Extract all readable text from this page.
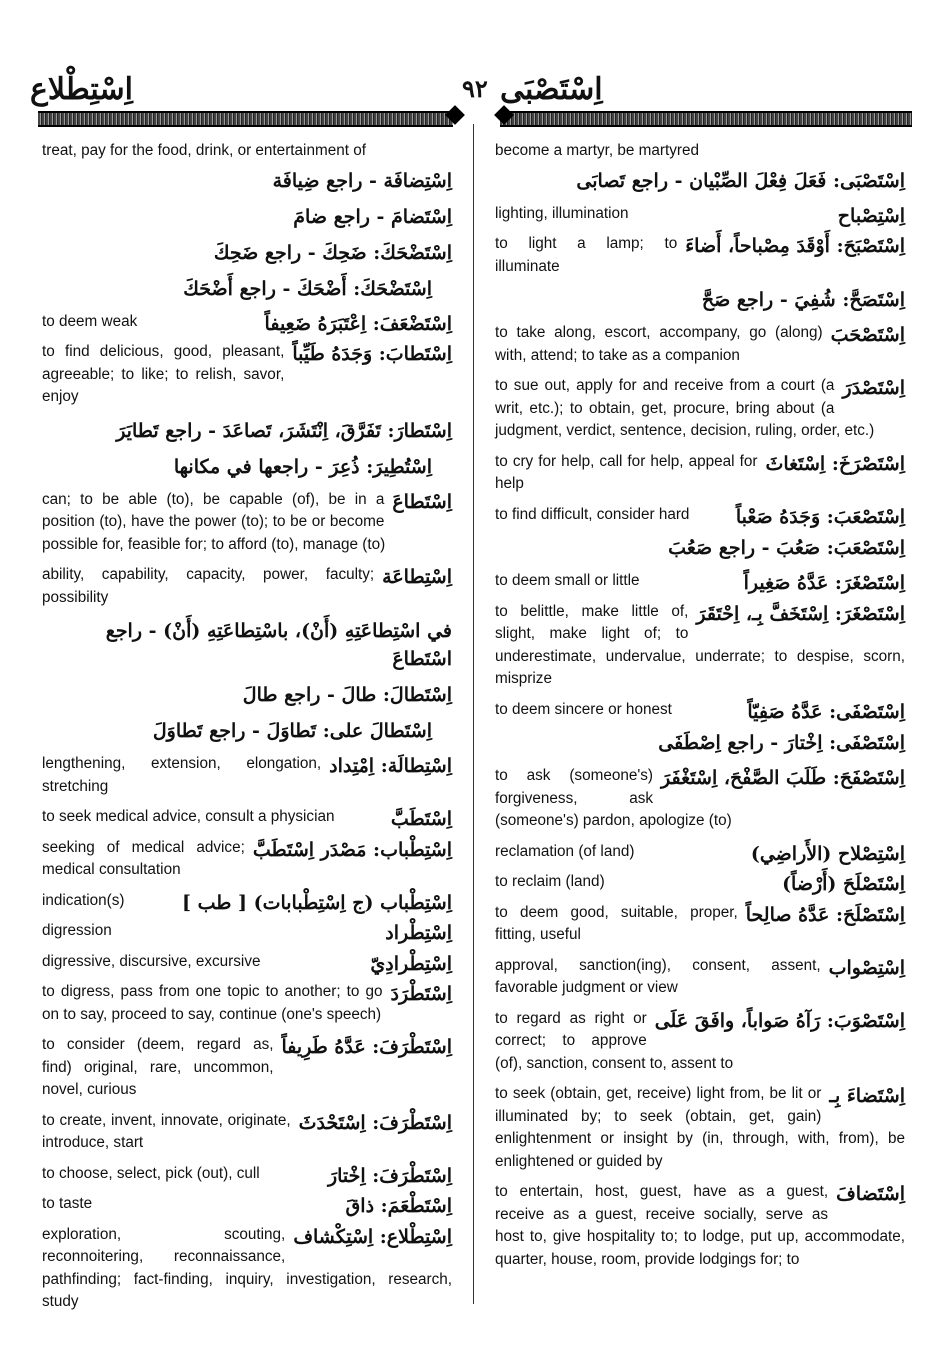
اِسْتَصْبَى
٩٢
اِسْتِطْلاع
treat, pay for the food, drink, or entertainment of
اِسْتِضافَة - راجع ضِيافَة
اِسْتَضامَ - راجع ضامَ
اِسْتَضْحَكَ: ضَحِكَ - راجع ضَحِكَ
اِسْتَضْحَكَ: أَضْحَكَ - راجع أَضْحَكَ
اِسْتَضْعَفَ: اِعْتَبَرَهُ ضَعِيفاً
to deem weak
اِسْتَطابَ: وَجَدَهُ طَيِّباً
to find delicious, good, pleasant, agreeable; to like; to relish, savor, enjoy
اِسْتَطارَ: تَفَرَّقَ، اِنْتَشَرَ، تَصاعَدَ - راجع تَطايَرَ
اِسْتُطِيرَ: ذُعِرَ - راجعها في مكانها
اِسْتَطاعَ
can; to be able (to), be capable (of), be in a position (to), have the power (to); to be or become possible for, feasible for; to afford (to), manage (to)
اِسْتِطاعَة
ability, capability, capacity, power, faculty; possibility
في اسْتِطاعَتِهِ (أَنْ)، باسْتِطاعَتِهِ (أَنْ) - راجع اسْتَطاعَ
اِسْتَطالَ: طالَ - راجع طالَ
اِسْتَطالَ على: تَطاوَلَ - راجع تَطاوَلَ
اِسْتِطالَة: اِمْتِداد
lengthening, extension, elongation, stretching
اِسْتَطَبَّ
to seek medical advice, consult a physician
اِسْتِطْباب: مَصْدَر اِسْتَطَبَّ
seeking of medical advice; medical consultation
اِسْتِطْباب (ج اِسْتِطْبابات) [ طب ]
indication(s)
اِسْتِطْراد
digression
اِسْتِطْرادِيّ
digressive, discursive, excursive
اِسْتَطْرَدَ
to digress, pass from one topic to another; to go on to say, proceed to say, continue (one's speech)
اِسْتَطْرَفَ: عَدَّهُ طَرِيفاً
to consider (deem, regard as, find) original, rare, uncommon, novel, curious
اِسْتَطْرَفَ: اِسْتَحْدَثَ
to create, invent, innovate, originate, introduce, start
اِسْتَطْرَفَ: اِخْتارَ
to choose, select, pick (out), cull
اِسْتَطْعَمَ: ذاقَ
to taste
اِسْتِطْلاع: اِسْتِكْشاف
exploration, scouting, reconnoitering, reconnaissance, pathfinding; fact-finding, inquiry, investigation, research, study
become a martyr, be martyred
اِسْتَصْبَى: فَعَلَ فِعْلَ الصِّبْيان - راجع تَصابَى
اِسْتِصْباح
lighting, illumination
اِسْتَصْبَحَ: أَوْقَدَ مِصْباحاً، أَضاءَ
to light a lamp; to illuminate
اِسْتَصَحَّ: شُفِيَ - راجع صَحَّ
اِسْتَصْحَبَ
to take along, escort, accompany, go (along) with, attend; to take as a companion
اِسْتَصْدَرَ
to sue out, apply for and receive from a court (a writ, etc.); to obtain, get, procure, bring about (a judgment, verdict, sentence, decision, ruling, order, etc.)
اِسْتَصْرَخَ: اِسْتَغاثَ
to cry for help, call for help, appeal for help
اِسْتَصْعَبَ: وَجَدَهُ صَعْباً
to find difficult, consider hard
اِسْتَصْعَبَ: صَعُبَ - راجع صَعُبَ
اِسْتَصْغَرَ: عَدَّهُ صَغِيراً
to deem small or little
اِسْتَصْغَرَ: اِسْتَخَفَّ بِـ، اِحْتَقَرَ
to belittle, make little of, slight, make light of; to underestimate, undervalue, underrate; to despise, scorn, misprize
اِسْتَصْفَى: عَدَّهُ صَفِيّاً
to deem sincere or honest
اِسْتَصْفَى: اِخْتارَ - راجع اِصْطَفَى
اِسْتَصْفَحَ: طَلَبَ الصَّفْحَ، اِسْتَغْفَرَ
to ask (someone's) forgiveness, ask (someone's) pardon, apologize (to)
اِسْتِصْلاح (الأَراضِي)
reclamation (of land)
اِسْتَصْلَحَ (أَرْضاً)
to reclaim (land)
اِسْتَصْلَحَ: عَدَّهُ صالِحاً
to deem good, suitable, proper, fitting, useful
اِسْتِصْواب
approval, sanction(ing), consent, assent, favorable judgment or view
اِسْتَصْوَبَ: رَآهُ صَواباً، وافَقَ عَلَى
to regard as right or correct; to approve (of), sanction, consent to, assent to
اِسْتَضاءَ بِـ
to seek (obtain, get, receive) light from, be lit or illuminated by; to seek (obtain, get, gain) enlightenment or insight by (in, through, with, from), be enlightened or guided by
اِسْتَضافَ
to entertain, host, guest, have as a guest, receive as a guest, receive socially, serve as host to, give hospitality to; to lodge, put up, accommodate, quarter, house, room, provide lodgings for; to
